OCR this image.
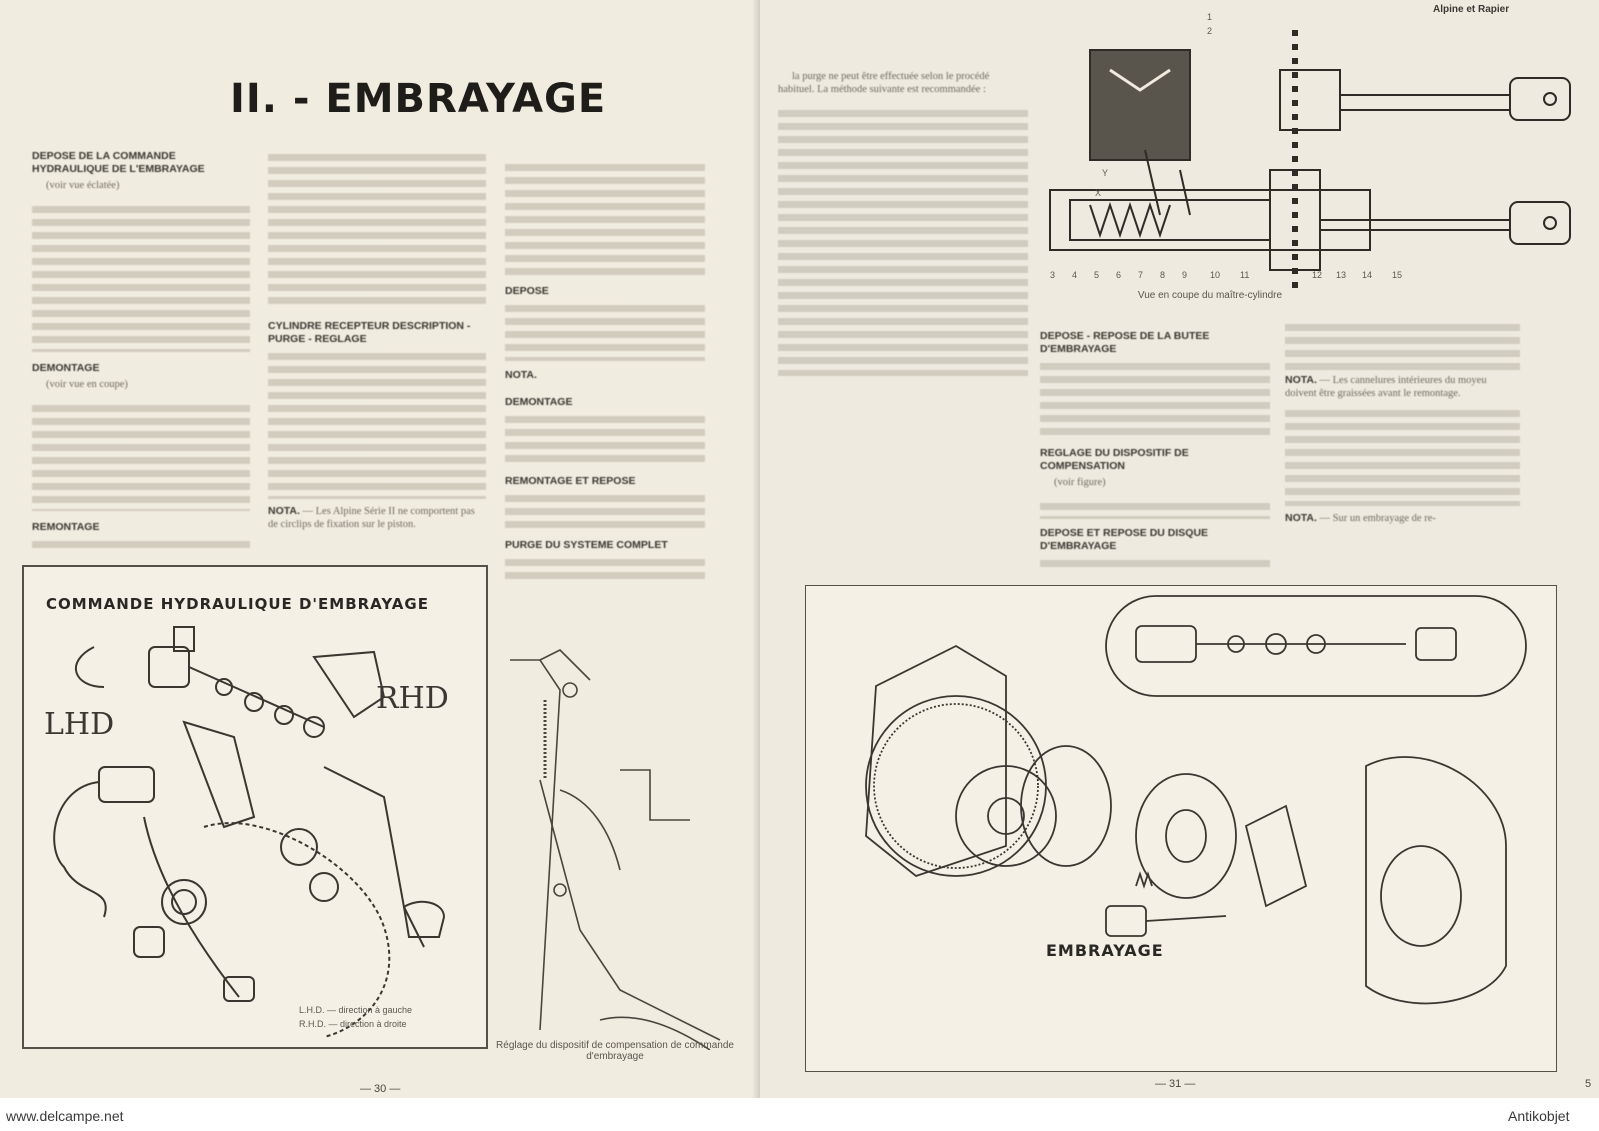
II. - EMBRAYAGE
DEPOSE DE LA COMMANDE HYDRAULIQUE DE L'EMBRAYAGE
(voir vue éclatée)
DEMONTAGE
(voir vue en coupe)
REMONTAGE
CYLINDRE RECEPTEUR DESCRIPTION - PURGE - REGLAGE
NOTA. — Les Alpine Série II ne comportent pas de circlips de fixation sur le piston.
DEPOSE
NOTA.
DEMONTAGE
REMONTAGE ET REPOSE
PURGE DU SYSTEME COMPLET
COMMANDE HYDRAULIQUE D'EMBRAYAGE
LHD
RHD
L.H.D. — direction à gauche
R.H.D. — direction à droite
Réglage du dispositif de compensation de commande d'embrayage
— 30 —
Alpine et Rapier
la purge ne peut être effectuée selon le procédé habituel. La méthode suivante est recommandée :
1
2
Y
X
3 4 5 6 7 8 9	10 11	12 13 14 15
Vue en coupe du maître-cylindre
DEPOSE - REPOSE DE LA BUTEE D'EMBRAYAGE
REGLAGE DU DISPOSITIF DE COMPENSATION
(voir figure)
DEPOSE ET REPOSE DU DISQUE D'EMBRAYAGE
NOTA. — Les cannelures intérieures du moyeu doivent être graissées avant le remontage.
NOTA. — Sur un embrayage de re-
EMBRAYAGE
— 31 —	5
www.delcampe.net	Antikobjet
